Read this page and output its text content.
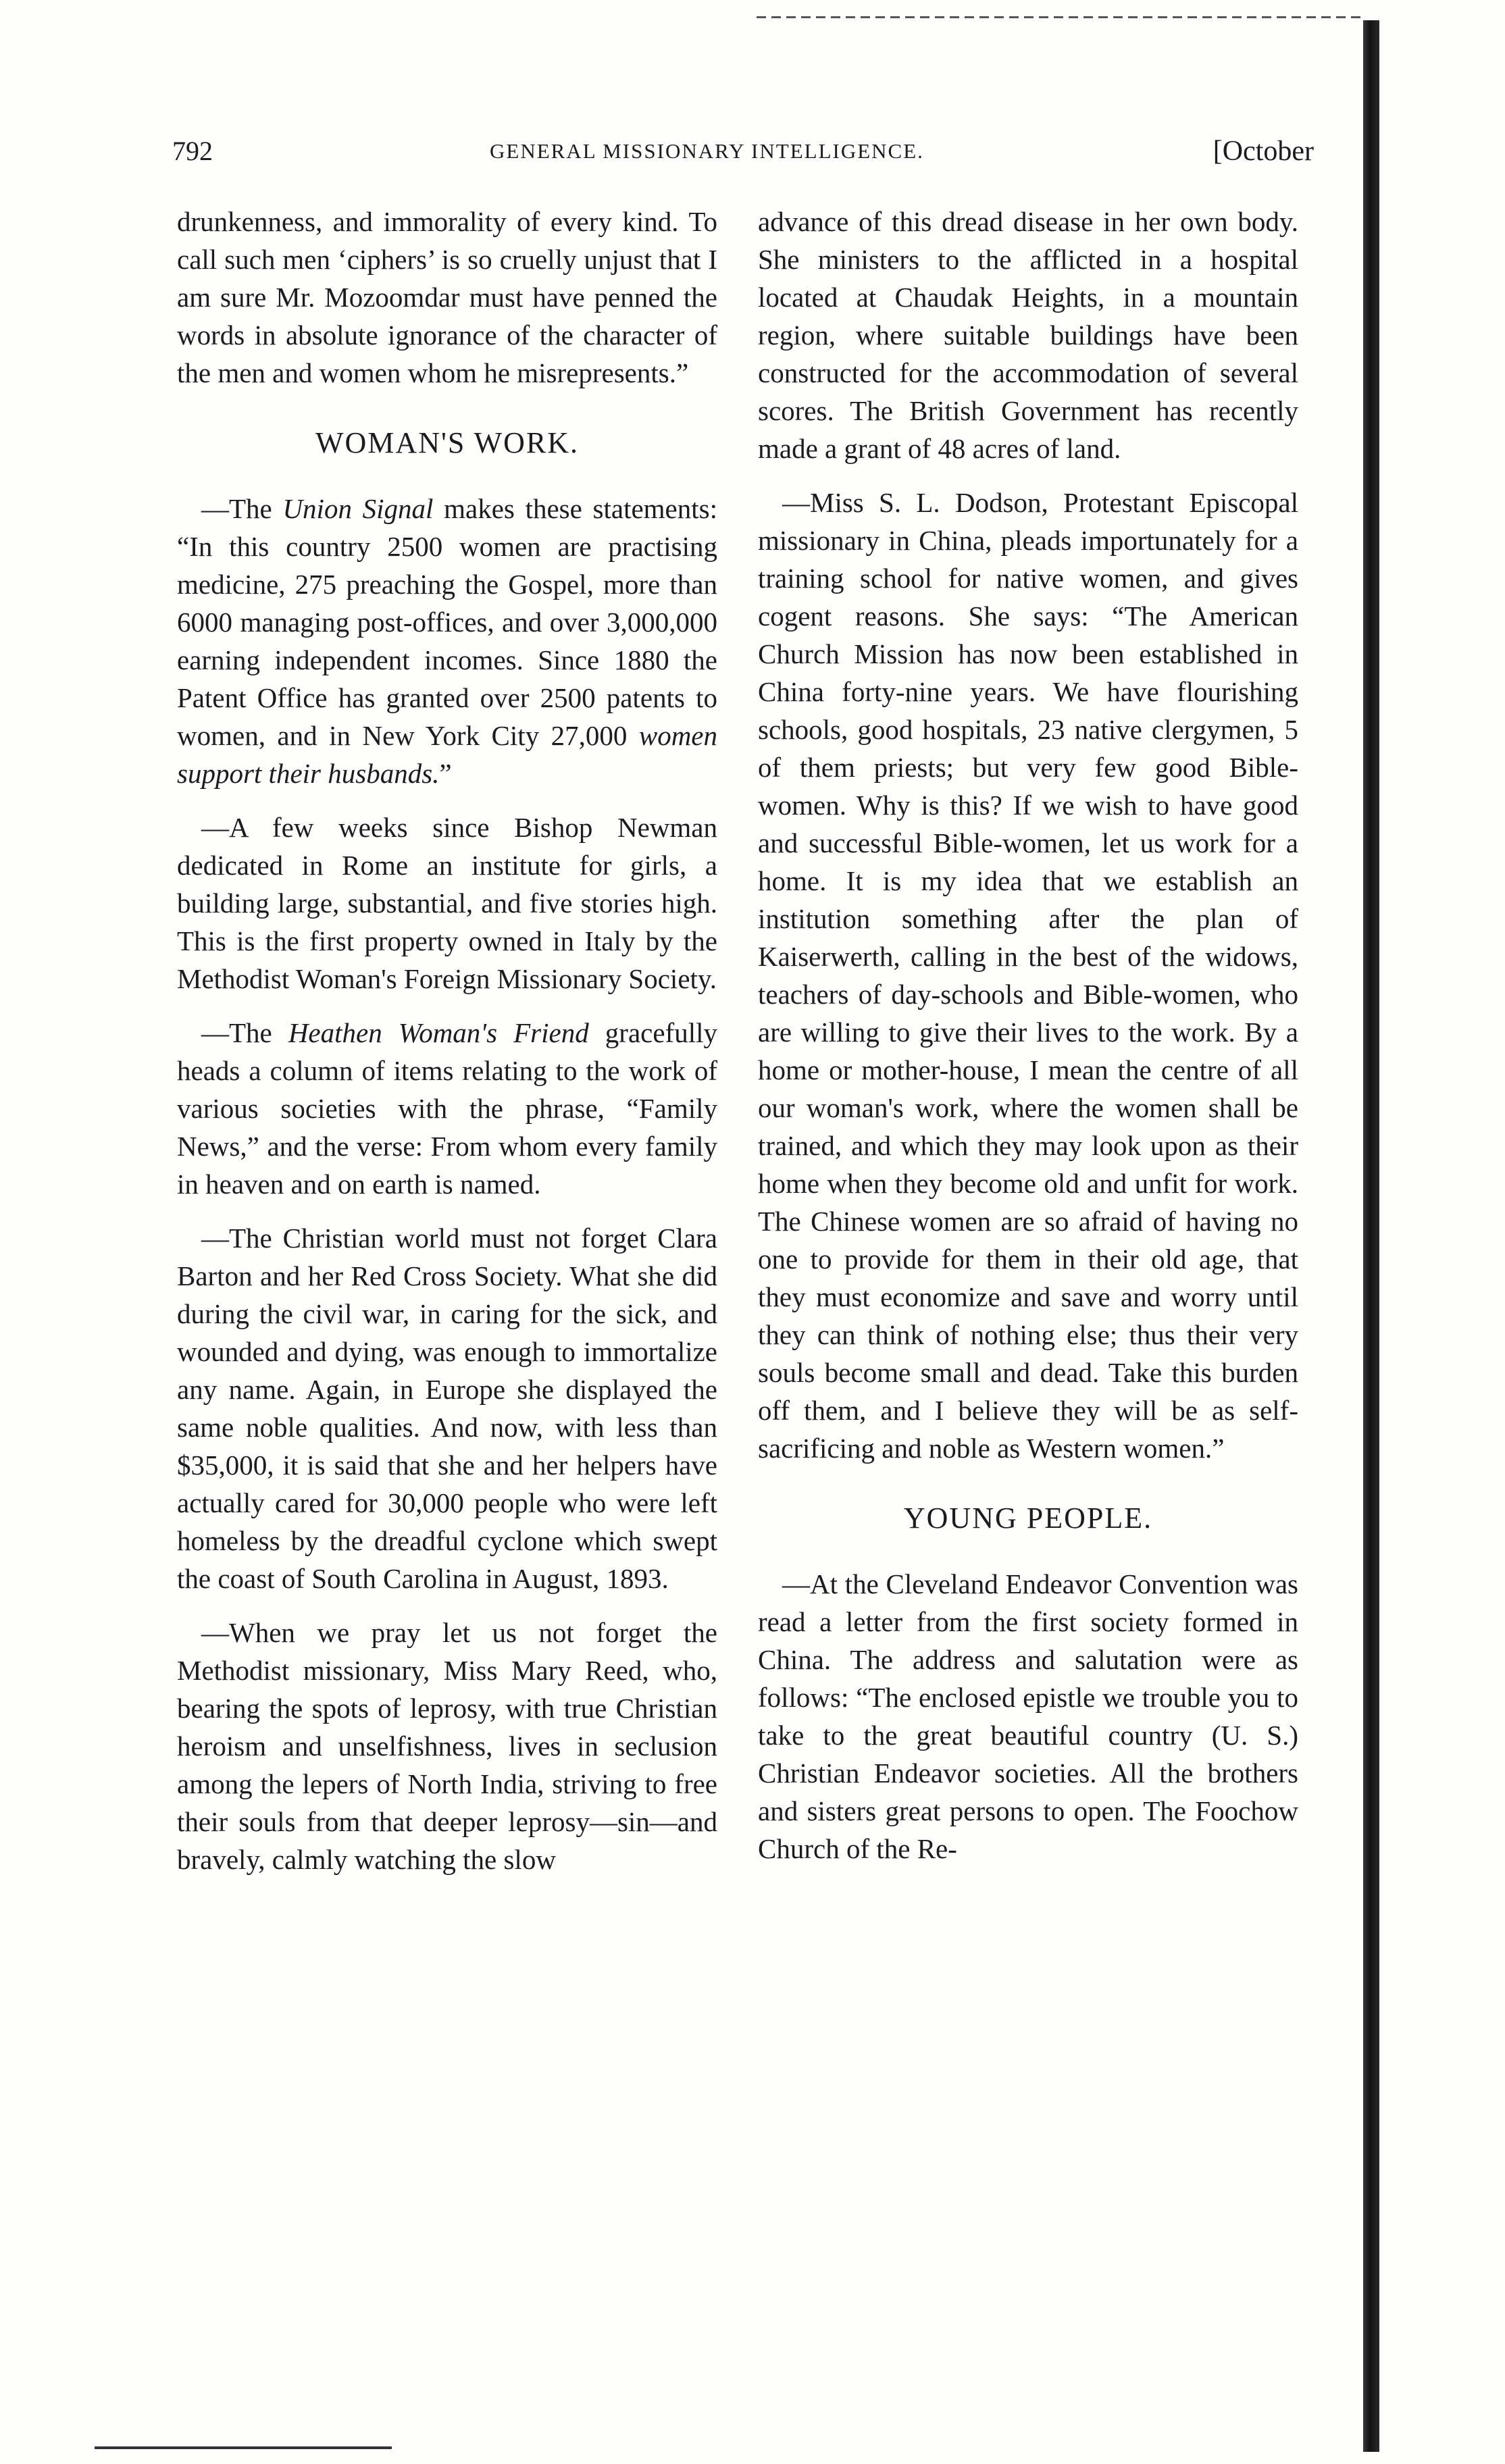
792	GENERAL MISSIONARY INTELLIGENCE.	[October

drunkenness, and immorality of every kind. To call such men ‘ciphers’ is so cruelly unjust that I am sure Mr. Mozoomdar must have penned the words in absolute ignorance of the character of the men and women whom he misrepresents.”

WOMAN'S WORK.

—The Union Signal makes these statements: “In this country 2500 women are practising medicine, 275 preaching the Gospel, more than 6000 managing post-offices, and over 3,000,000 earning independent incomes. Since 1880 the Patent Office has granted over 2500 patents to women, and in New York City 27,000 women support their husbands.”

—A few weeks since Bishop Newman dedicated in Rome an institute for girls, a building large, substantial, and five stories high. This is the first property owned in Italy by the Methodist Woman's Foreign Missionary Society.

—The Heathen Woman's Friend gracefully heads a column of items relating to the work of various societies with the phrase, “Family News,” and the verse: From whom every family in heaven and on earth is named.

—The Christian world must not forget Clara Barton and her Red Cross Society. What she did during the civil war, in caring for the sick, and wounded and dying, was enough to immortalize any name. Again, in Europe she displayed the same noble qualities. And now, with less than $35,000, it is said that she and her helpers have actually cared for 30,000 people who were left homeless by the dreadful cyclone which swept the coast of South Carolina in August, 1893.

—When we pray let us not forget the Methodist missionary, Miss Mary Reed, who, bearing the spots of leprosy, with true Christian heroism and unselfishness, lives in seclusion among the lepers of North India, striving to free their souls from that deeper leprosy—sin—and bravely, calmly watching the slow

advance of this dread disease in her own body. She ministers to the afflicted in a hospital located at Chaudak Heights, in a mountain region, where suitable buildings have been constructed for the accommodation of several scores. The British Government has recently made a grant of 48 acres of land.

—Miss S. L. Dodson, Protestant Episcopal missionary in China, pleads importunately for a training school for native women, and gives cogent reasons. She says: “The American Church Mission has now been established in China forty-nine years. We have flourishing schools, good hospitals, 23 native clergymen, 5 of them priests; but very few good Bible-women. Why is this? If we wish to have good and successful Bible-women, let us work for a home. It is my idea that we establish an institution something after the plan of Kaiserwerth, calling in the best of the widows, teachers of day-schools and Bible-women, who are willing to give their lives to the work. By a home or mother-house, I mean the centre of all our woman's work, where the women shall be trained, and which they may look upon as their home when they become old and unfit for work. The Chinese women are so afraid of having no one to provide for them in their old age, that they must economize and save and worry until they can think of nothing else; thus their very souls become small and dead. Take this burden off them, and I believe they will be as self-sacrificing and noble as Western women.”

YOUNG PEOPLE.

—At the Cleveland Endeavor Convention was read a letter from the first society formed in China. The address and salutation were as follows: “The enclosed epistle we trouble you to take to the great beautiful country (U. S.) Christian Endeavor societies. All the brothers and sisters great persons to open. The Foochow Church of the Re-
